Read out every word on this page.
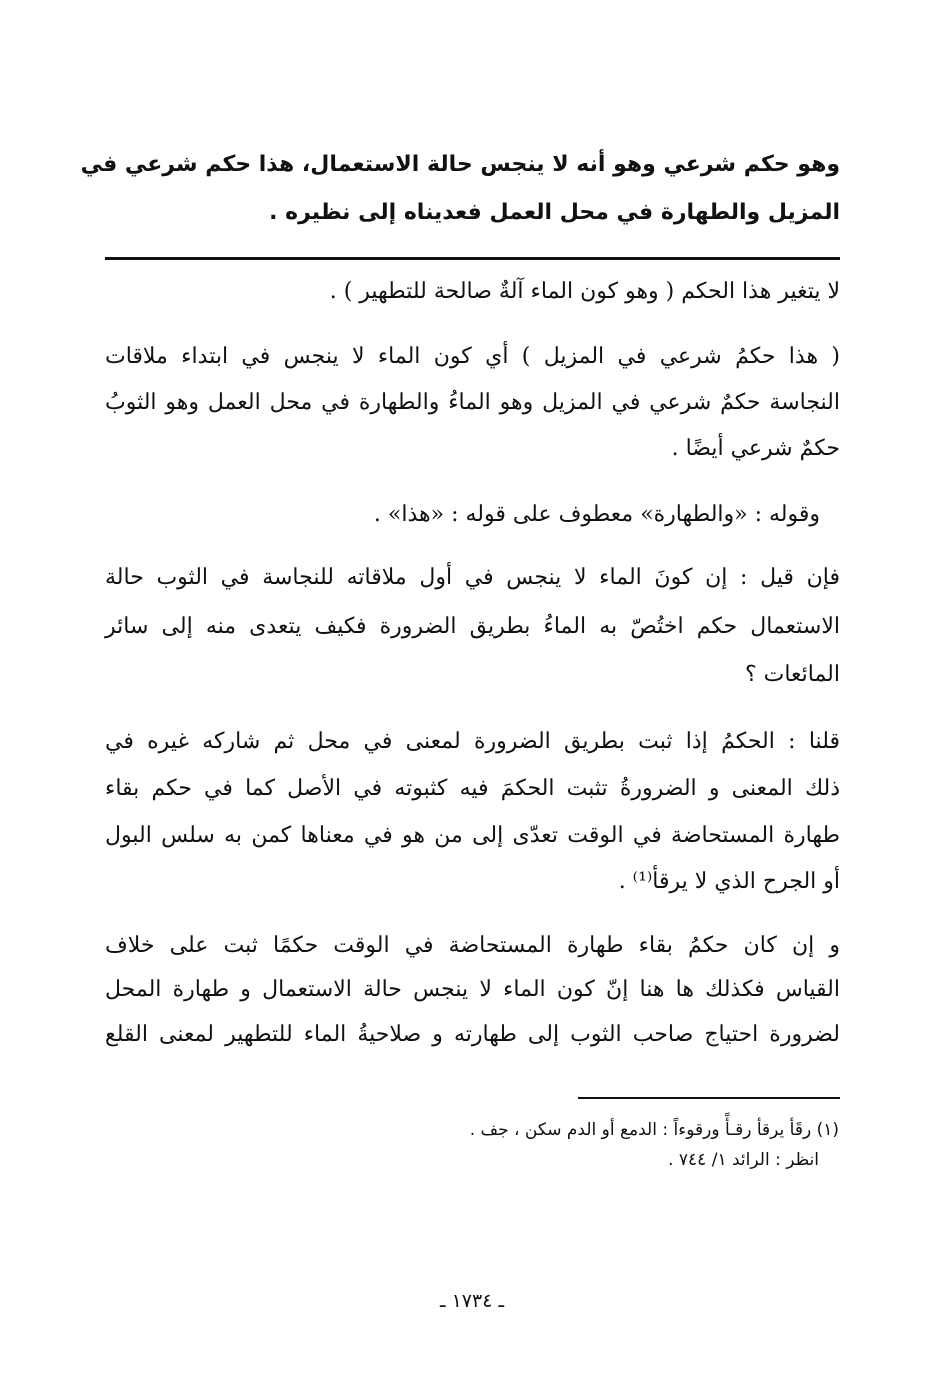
وهو حكم شرعي وهو أنه لا ينجس حالة الاستعمال، هذا حكم شرعي في
المزيل والطهارة في محل العمل فعديناه إلى نظيره .
لا يتغير هذا الحكم ( وهو كون الماء آلةٌ صالحة للتطهير ) .
( هذا حكمُ شرعي في المزيل ) أي كون الماء لا ينجس في ابتداء ملاقات
النجاسة حكمٌ شرعي في المزيل وهو الماءُ والطهارة في محل العمل وهو الثوبُ
حكمٌ شرعي أيضًا .
وقوله : «والطهارة» معطوف على قوله : «هذا» .
فإن قيل : إن كونَ الماء لا ينجس في أول ملاقاته للنجاسة في الثوب حالة
الاستعمال حكم اختُصّ به الماءُ بطريق الضرورة فكيف يتعدى منه إلى سائر
المائعات ؟
قلنا : الحكمُ إذا ثبت بطريق الضرورة لمعنى في محل ثم شاركه غيره في
ذلك المعنى و الضرورةُ تثبت الحكمَ فيه كثبوته في الأصل كما في حكم بقاء
طهارة المستحاضة في الوقت تعدّى إلى من هو في معناها كمن به سلس البول
أو الجرح الذي لا يرقأ⁽¹⁾ .
و إن كان حكمُ بقاء طهارة المستحاضة في الوقت حكمًا ثبت على خلاف
القياس فكذلك ها هنا إنّ كون الماء لا ينجس حالة الاستعمال و طهارة المحل
لضرورة احتياج صاحب الثوب إلى طهارته و صلاحيةُ الماء للتطهير لمعنى القلع
(١) رقَأ يرقأ رقـأً ورقوءاً : الدمع أو الدم سكن ، جف .
انظر : الرائد ١/ ٧٤٤ .
ـ ١٧٣٤ ـ
